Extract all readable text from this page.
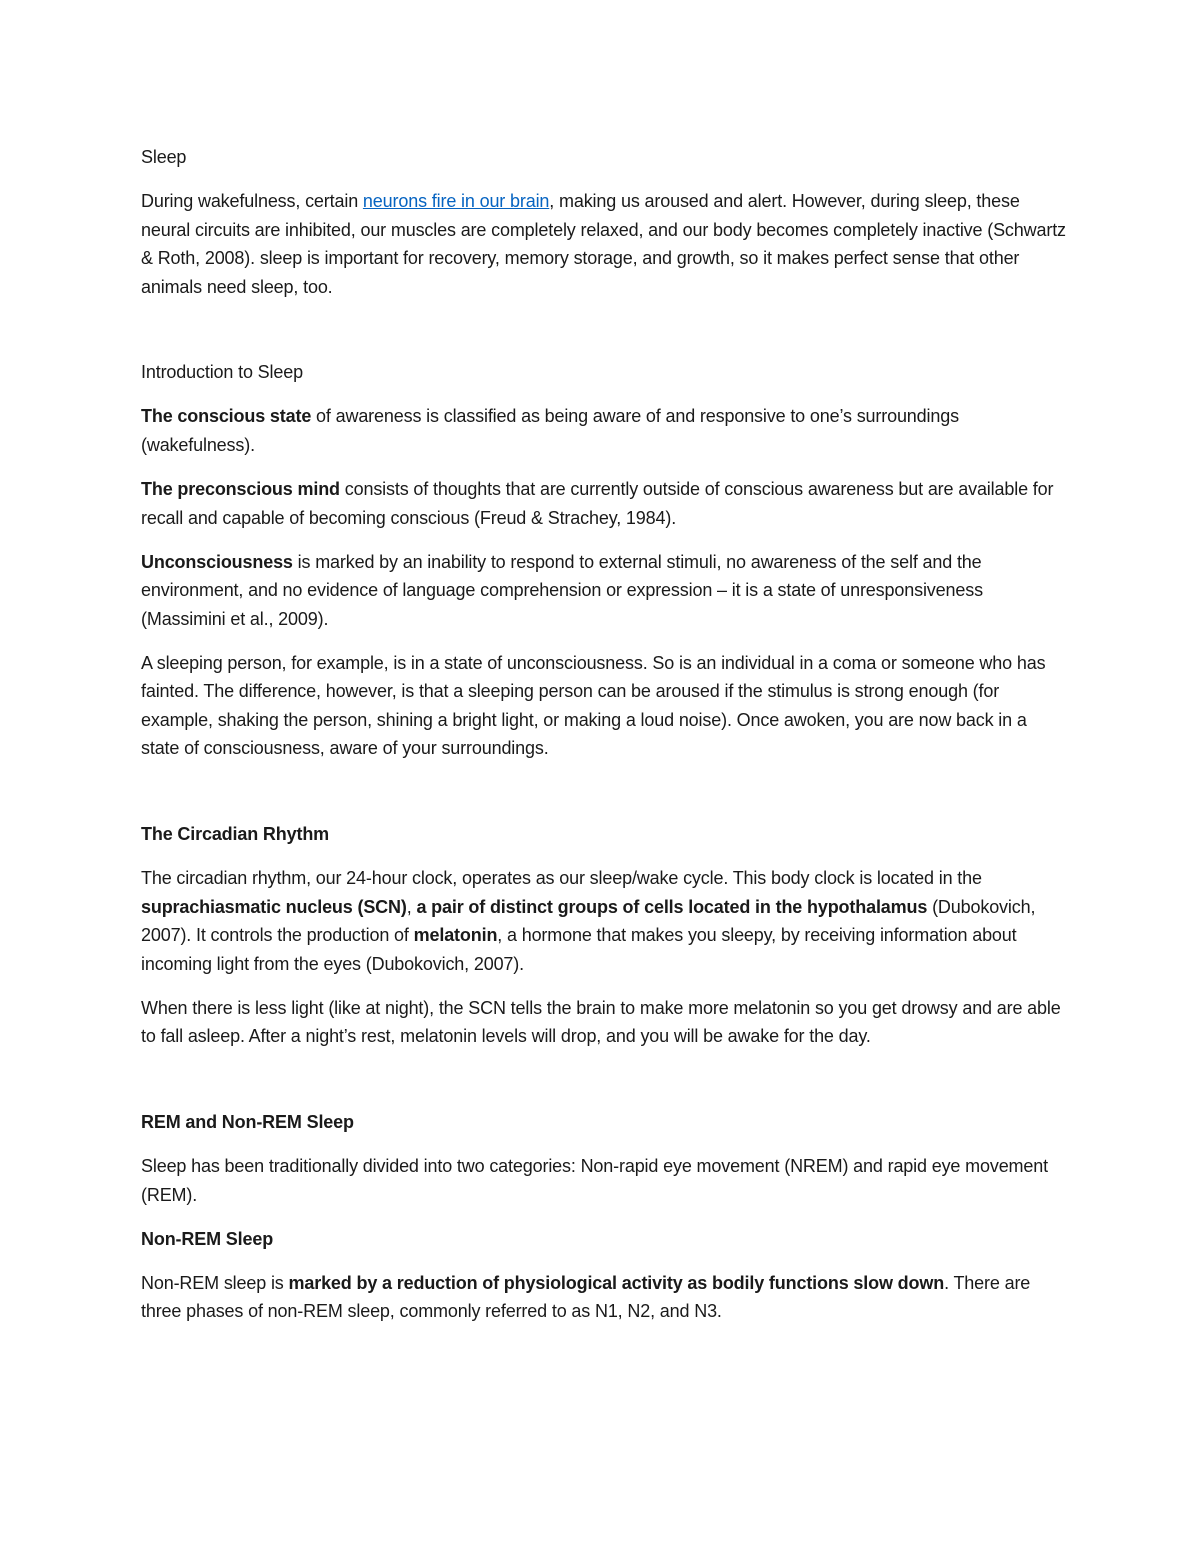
Sleep

During wakefulness, certain neurons fire in our brain, making us aroused and alert. However, during sleep, these neural circuits are inhibited, our muscles are completely relaxed, and our body becomes completely inactive (Schwartz & Roth, 2008). sleep is important for recovery, memory storage, and growth, so it makes perfect sense that other animals need sleep, too.

Introduction to Sleep

The conscious state of awareness is classified as being aware of and responsive to one’s surroundings (wakefulness).

The preconscious mind consists of thoughts that are currently outside of conscious awareness but are available for recall and capable of becoming conscious (Freud & Strachey, 1984).

Unconsciousness is marked by an inability to respond to external stimuli, no awareness of the self and the environment, and no evidence of language comprehension or expression – it is a state of unresponsiveness (Massimini et al., 2009).

A sleeping person, for example, is in a state of unconsciousness. So is an individual in a coma or someone who has fainted. The difference, however, is that a sleeping person can be aroused if the stimulus is strong enough (for example, shaking the person, shining a bright light, or making a loud noise). Once awoken, you are now back in a state of consciousness, aware of your surroundings.

The Circadian Rhythm

The circadian rhythm, our 24-hour clock, operates as our sleep/wake cycle. This body clock is located in the suprachiasmatic nucleus (SCN), a pair of distinct groups of cells located in the hypothalamus (Dubokovich, 2007). It controls the production of melatonin, a hormone that makes you sleepy, by receiving information about incoming light from the eyes (Dubokovich, 2007).

When there is less light (like at night), the SCN tells the brain to make more melatonin so you get drowsy and are able to fall asleep. After a night’s rest, melatonin levels will drop, and you will be awake for the day.

REM and Non-REM Sleep

Sleep has been traditionally divided into two categories: Non-rapid eye movement (NREM) and rapid eye movement (REM).

Non-REM Sleep

Non-REM sleep is marked by a reduction of physiological activity as bodily functions slow down. There are three phases of non-REM sleep, commonly referred to as N1, N2, and N3.
